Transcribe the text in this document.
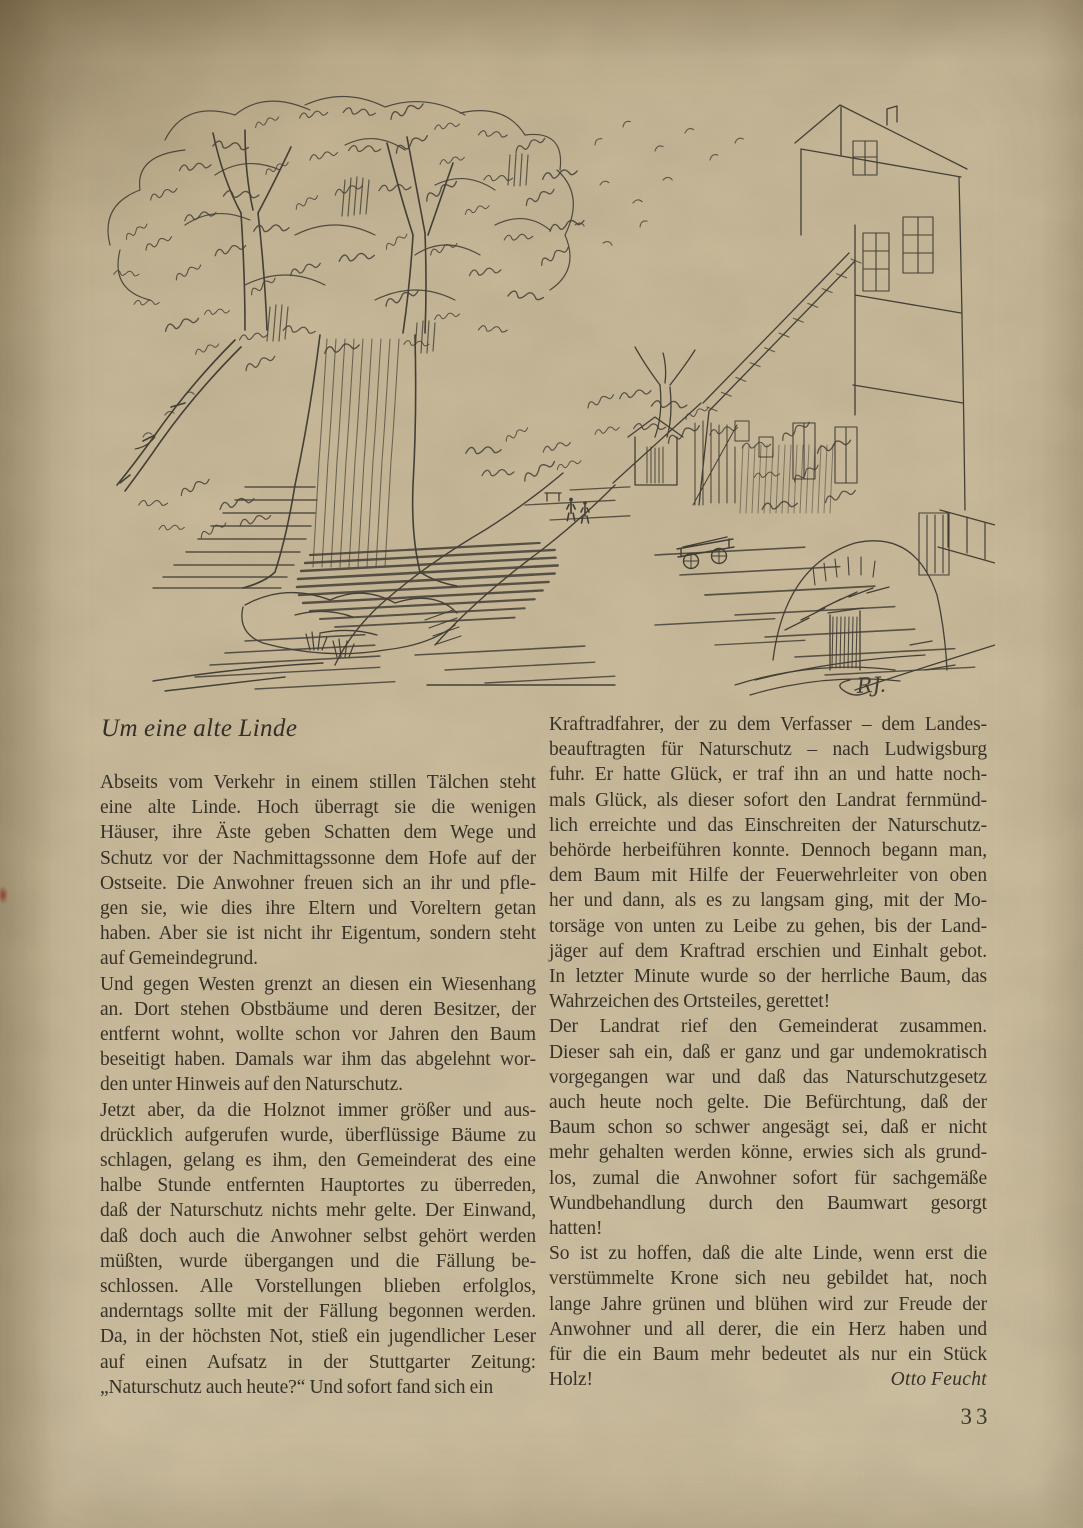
RJ.
Um eine alte Linde
Abseits vom Verkehr in einem stillen Tälchen steht
eine alte Linde. Hoch überragt sie die wenigen
Häuser, ihre Äste geben Schatten dem Wege und
Schutz vor der Nachmittagssonne dem Hofe auf der
Ostseite. Die Anwohner freuen sich an ihr und pfle-
gen sie, wie dies ihre Eltern und Voreltern getan
haben. Aber sie ist nicht ihr Eigentum, sondern steht
auf Gemeindegrund.
Und gegen Westen grenzt an diesen ein Wiesenhang
an. Dort stehen Obstbäume und deren Besitzer, der
entfernt wohnt, wollte schon vor Jahren den Baum
beseitigt haben. Damals war ihm das abgelehnt wor-
den unter Hinweis auf den Naturschutz.
Jetzt aber, da die Holznot immer größer und aus-
drücklich aufgerufen wurde, überflüssige Bäume zu
schlagen, gelang es ihm, den Gemeinderat des eine
halbe Stunde entfernten Hauptortes zu überreden,
daß der Naturschutz nichts mehr gelte. Der Einwand,
daß doch auch die Anwohner selbst gehört werden
müßten, wurde übergangen und die Fällung be-
schlossen. Alle Vorstellungen blieben erfolglos,
anderntags sollte mit der Fällung begonnen werden.
Da, in der höchsten Not, stieß ein jugendlicher Leser
auf einen Aufsatz in der Stuttgarter Zeitung:
„Naturschutz auch heute?“ Und sofort fand sich ein
Kraftradfahrer, der zu dem Verfasser – dem Landes-
beauftragten für Naturschutz – nach Ludwigsburg
fuhr. Er hatte Glück, er traf ihn an und hatte noch-
mals Glück, als dieser sofort den Landrat fernmünd-
lich erreichte und das Einschreiten der Naturschutz-
behörde herbeiführen konnte. Dennoch begann man,
dem Baum mit Hilfe der Feuerwehrleiter von oben
her und dann, als es zu langsam ging, mit der Mo-
torsäge von unten zu Leibe zu gehen, bis der Land-
jäger auf dem Kraftrad erschien und Einhalt gebot.
In letzter Minute wurde so der herrliche Baum, das
Wahrzeichen des Ortsteiles, gerettet!
Der Landrat rief den Gemeinderat zusammen.
Dieser sah ein, daß er ganz und gar undemokratisch
vorgegangen war und daß das Naturschutzgesetz
auch heute noch gelte. Die Befürchtung, daß der
Baum schon so schwer angesägt sei, daß er nicht
mehr gehalten werden könne, erwies sich als grund-
los, zumal die Anwohner sofort für sachgemäße
Wundbehandlung durch den Baumwart gesorgt
hatten!
So ist zu hoffen, daß die alte Linde, wenn erst die
verstümmelte Krone sich neu gebildet hat, noch
lange Jahre grünen und blühen wird zur Freude der
Anwohner und all derer, die ein Herz haben und
für die ein Baum mehr bedeutet als nur ein Stück
Holz!	Otto Feucht
33
